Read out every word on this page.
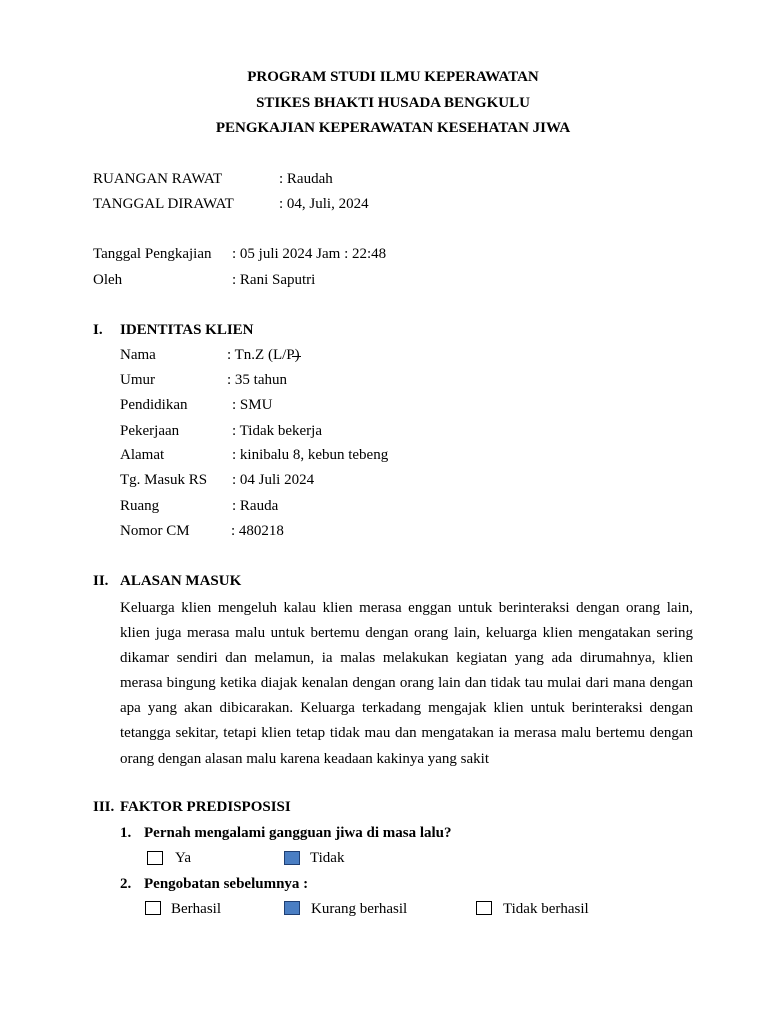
PROGRAM STUDI ILMU KEPERAWATAN
STIKES BHAKTI HUSADA BENGKULU
PENGKAJIAN KEPERAWATAN KESEHATAN JIWA
RUANGAN RAWAT	: Raudah
TANGGAL DIRAWAT	: 04, Juli, 2024
Tanggal Pengkajian : 05 juli 2024 Jam : 22:48
Oleh	: Rani Saputri
I. IDENTITAS KLIEN
Nama	: Tn.Z (L/P)
Umur	: 35 tahun
Pendidikan	: SMU
Pekerjaan	: Tidak bekerja
Alamat	: kinibalu 8, kebun tebeng
Tg. Masuk RS : 04 Juli 2024
Ruang	: Rauda
Nomor CM	: 480218
II. ALASAN MASUK
Keluarga klien mengeluh kalau klien merasa enggan untuk berinteraksi dengan orang lain, klien juga merasa malu untuk bertemu dengan orang lain, keluarga klien mengatakan sering dikamar sendiri dan melamun, ia malas melakukan kegiatan yang ada dirumahnya, klien merasa bingung ketika diajak kenalan dengan orang lain dan tidak tau mulai dari mana dengan apa yang akan dibicarakan. Keluarga terkadang mengajak klien untuk berinteraksi dengan tetangga sekitar, tetapi klien tetap tidak mau dan mengatakan ia merasa malu bertemu dengan orang dengan alasan malu karena keadaan kakinya yang sakit
III. FAKTOR PREDISPOSISI
1. Pernah mengalami gangguan jiwa di masa lalu?
Ya	Tidak
2. Pengobatan sebelumnya :
Berhasil	Kurang berhasil	Tidak berhasil
